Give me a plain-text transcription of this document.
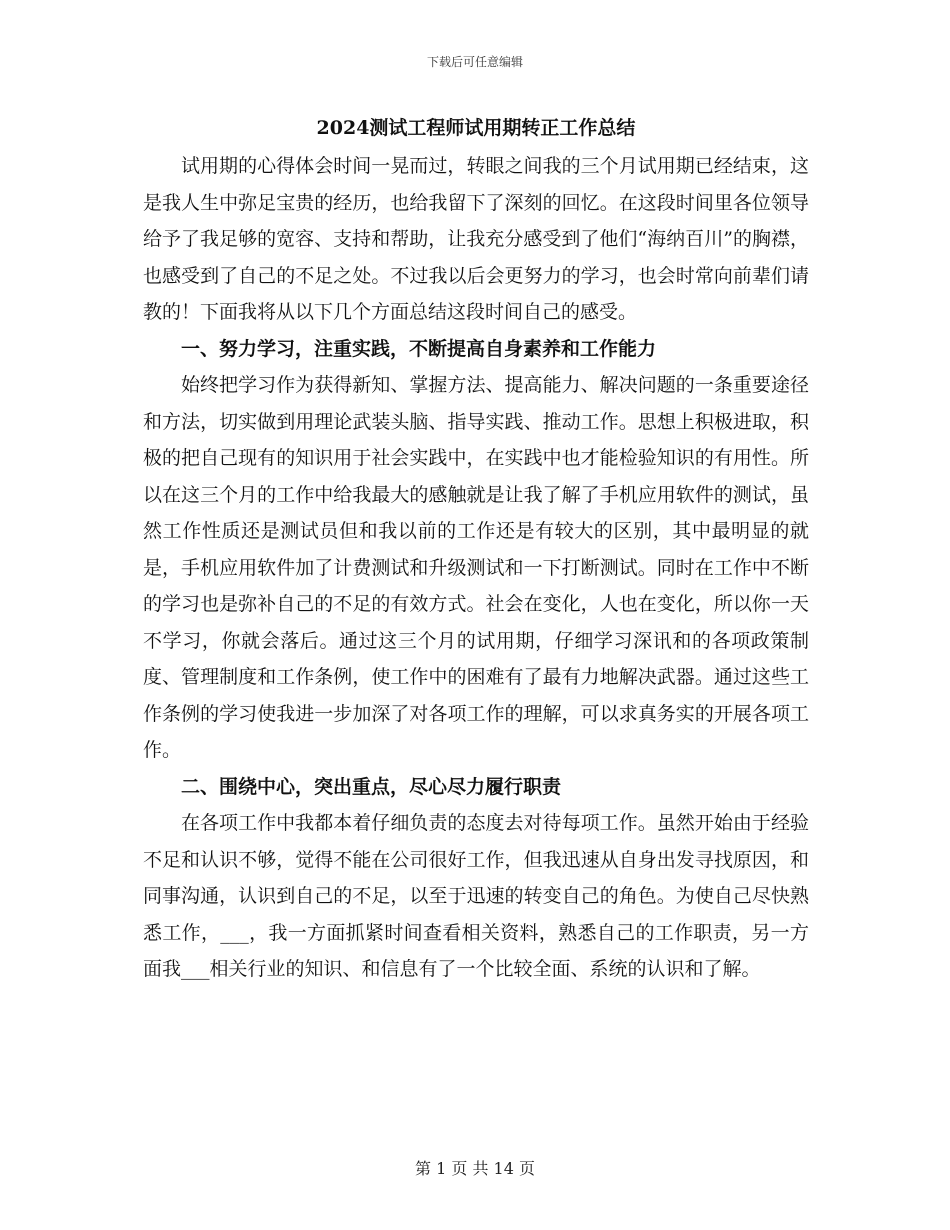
下载后可任意编辑
2024测试工程师试用期转正工作总结

试用期的心得体会时间一晃而过，转眼之间我的三个月试用期已经结束，这是我人生中弥足宝贵的经历，也给我留下了深刻的回忆。在这段时间里各位领导给予了我足够的宽容、支持和帮助，让我充分感受到了他们“海纳百川”的胸襟，也感受到了自己的不足之处。不过我以后会更努力的学习，也会时常向前辈们请教的！下面我将从以下几个方面总结这段时间自己的感受。

一、努力学习，注重实践，不断提高自身素养和工作能力

始终把学习作为获得新知、掌握方法、提高能力、解决问题的一条重要途径和方法，切实做到用理论武装头脑、指导实践、推动工作。思想上积极进取，积极的把自己现有的知识用于社会实践中，在实践中也才能检验知识的有用性。所以在这三个月的工作中给我最大的感触就是让我了解了手机应用软件的测试，虽然工作性质还是测试员但和我以前的工作还是有较大的区别，其中最明显的就是，手机应用软件加了计费测试和升级测试和一下打断测试。同时在工作中不断的学习也是弥补自己的不足的有效方式。社会在变化，人也在变化，所以你一天不学习，你就会落后。通过这三个月的试用期，仔细学习深讯和的各项政策制度、管理制度和工作条例，使工作中的困难有了最有力地解决武器。通过这些工作条例的学习使我进一步加深了对各项工作的理解，可以求真务实的开展各项工作。

二、围绕中心，突出重点，尽心尽力履行职责

在各项工作中我都本着仔细负责的态度去对待每项工作。虽然开始由于经验不足和认识不够，觉得不能在公司很好工作，但我迅速从自身出发寻找原因，和同事沟通，认识到自己的不足，以至于迅速的转变自己的角色。为使自己尽快熟悉工作，___，我一方面抓紧时间查看相关资料，熟悉自己的工作职责，另一方面我___相关行业的知识、和信息有了一个比较全面、系统的认识和了解。

第 1 页 共 14 页
